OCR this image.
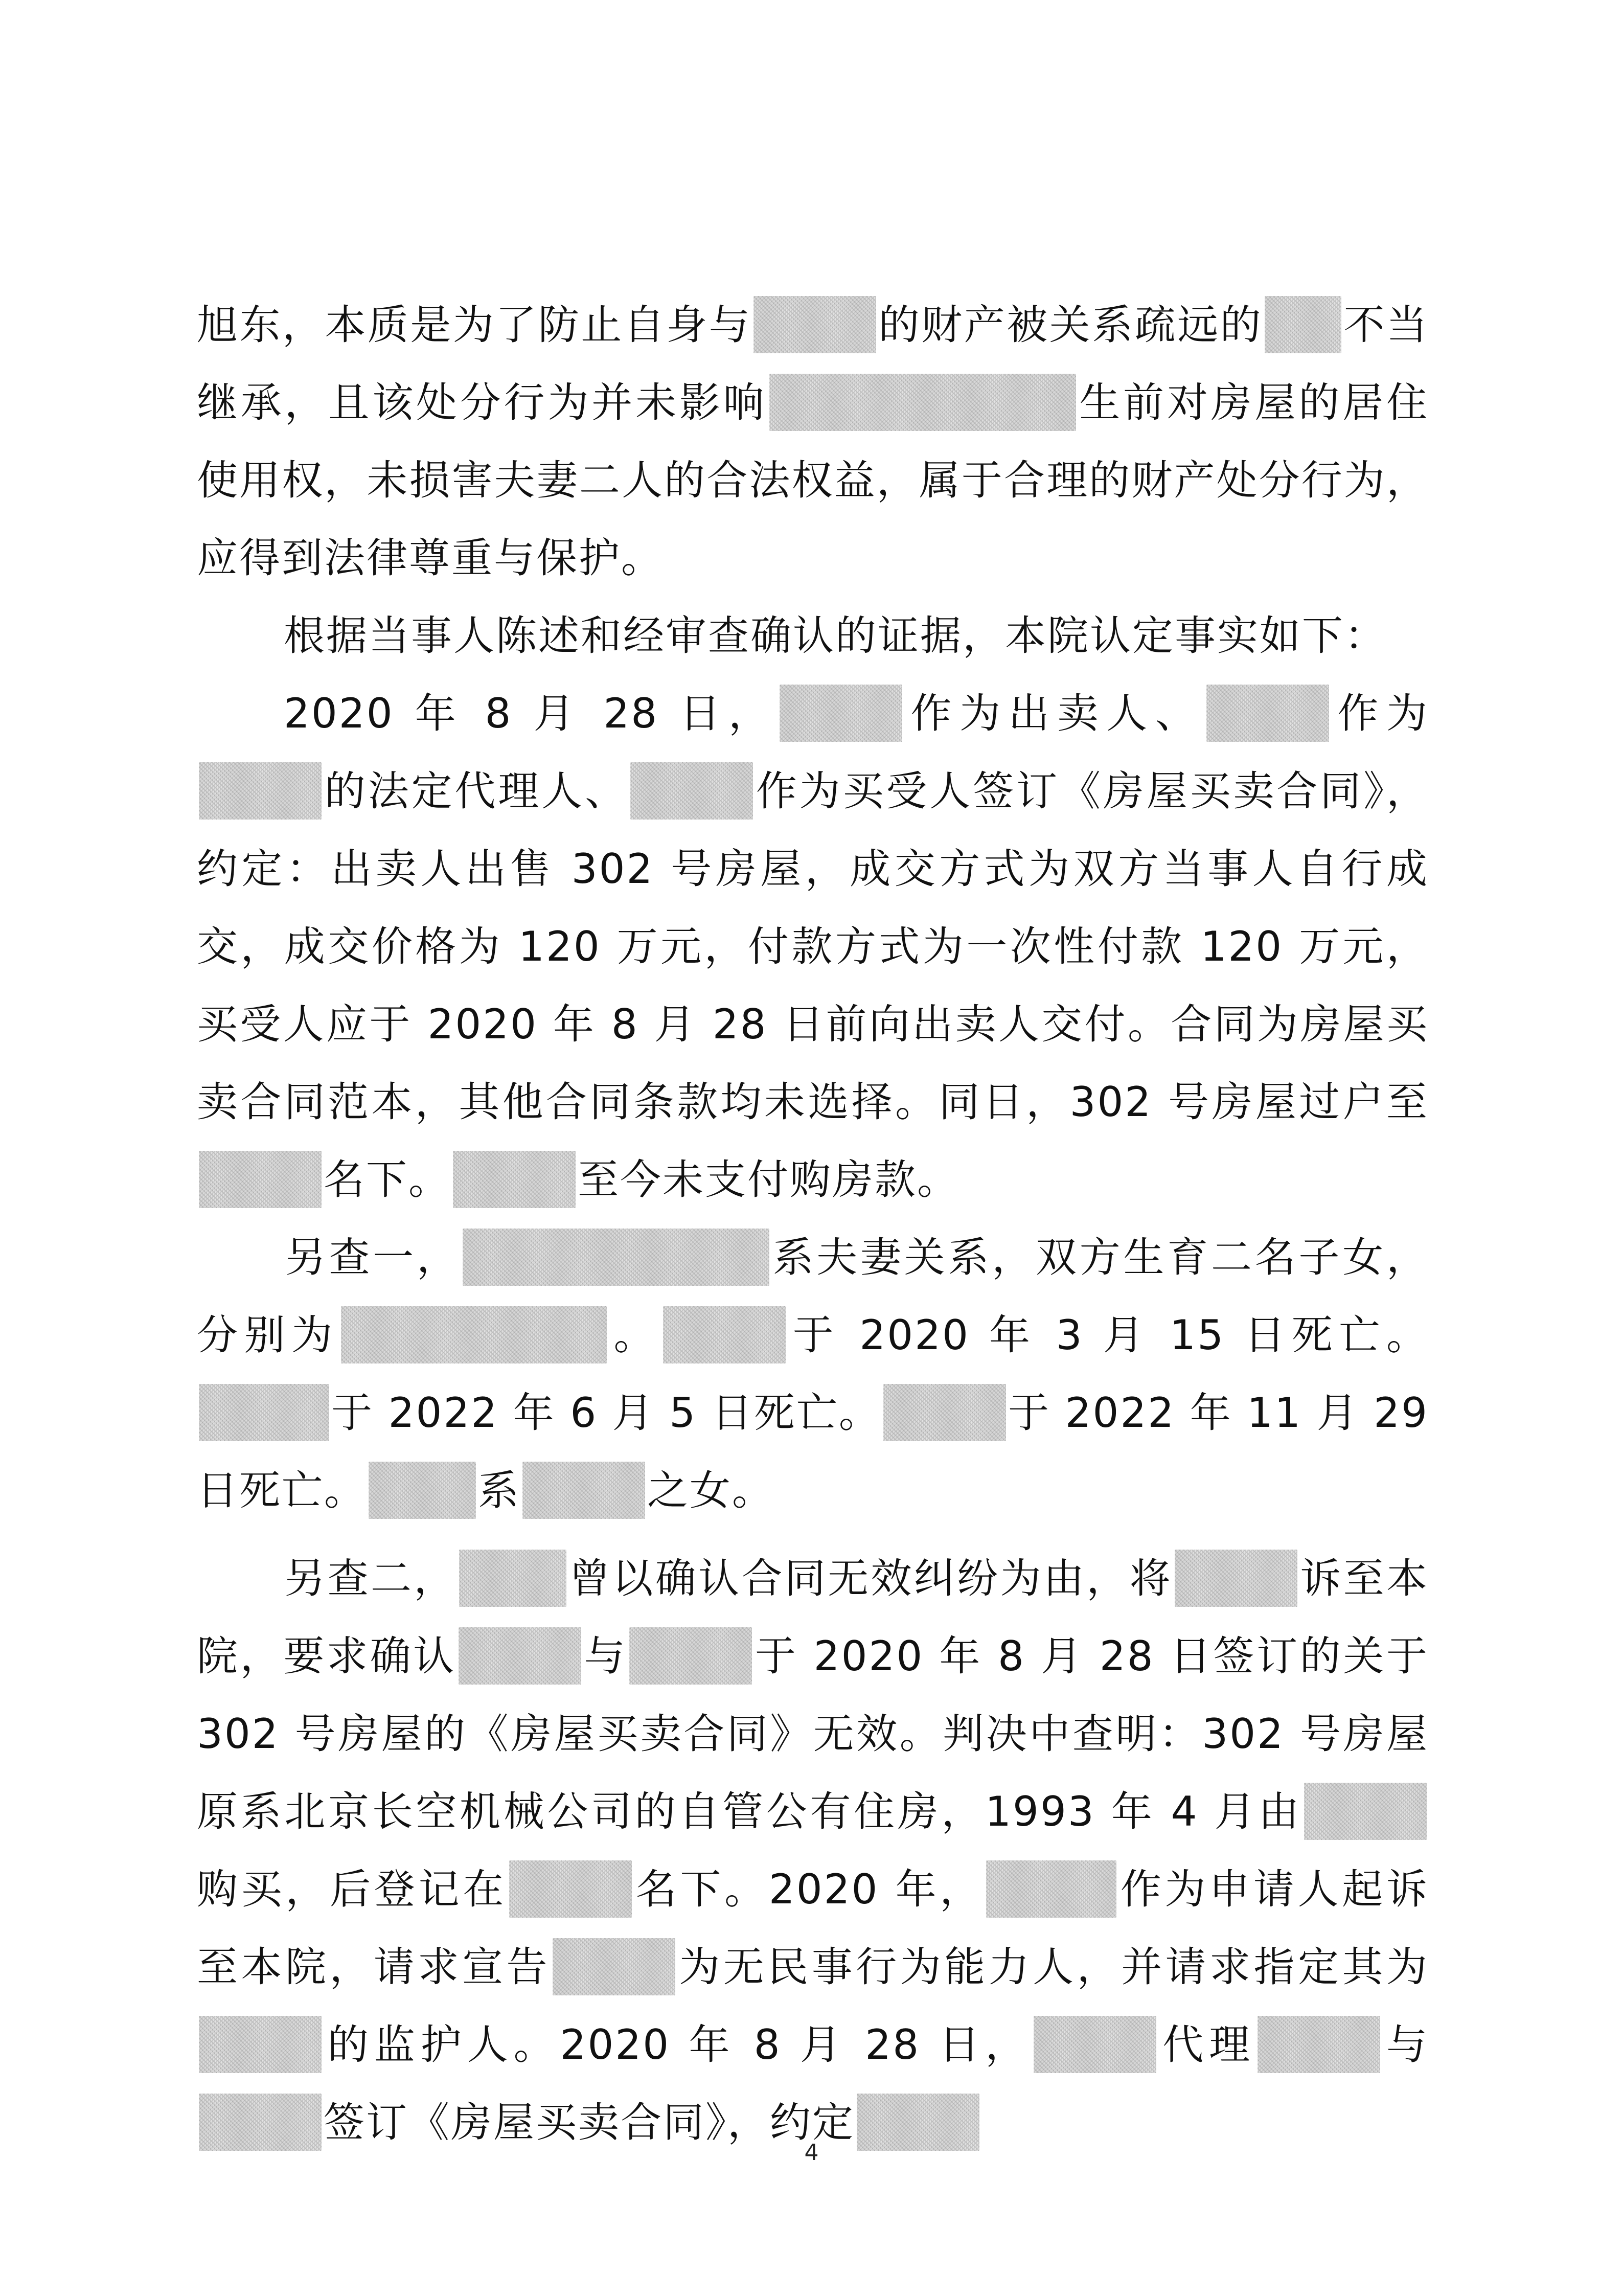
旭东，本质是为了防止自身与	的财产被关系疏远的 不当继承，且该处分行为并未影响	生前对房屋的居住使用权，未损害夫妻二人的合法权益，属于合理的财产处分行为，应得到法律尊重与保护。

根据当事人陈述和经审查确认的证据，本院认定事实如下：

2020 年 8 月 28 日，	作为出卖人、	作为的法定代理人、	作为买受人签订《房屋买卖合同》，约定：出卖人出售 302 号房屋，成交方式为双方当事人自行成交，成交价格为 120 万元，付款方式为一次性付款 120 万元，买受人应于 2020 年 8 月 28 日前向出卖人交付。合同为房屋买卖合同范本，其他合同条款均未选择。同日，302 号房屋过户至名下。	至今未支付购房款。

另查一，	系夫妻关系，双方生育二名子女，分别为	。	于 2020 年 3 月 15 日死亡。于 2022 年 6 月 5 日死亡。	于 2022 年 11 月 29 日死亡。	系	之女。

另查二，	曾以确认合同无效纠纷为由，将	诉至本院，要求确认	与	于 2020 年 8 月 28 日签订的关于 302 号房屋的《房屋买卖合同》无效。判决中查明：302 号房屋原系北京长空机械公司的自管公有住房，1993 年 4 月由购买，后登记在	名下。2020 年，	作为申请人起诉至本院，请求宣告	为无民事行为能力人，并请求指定其为的监护人。2020 年 8 月 28 日，	代理	与签订《房屋买卖合同》，约定

4
